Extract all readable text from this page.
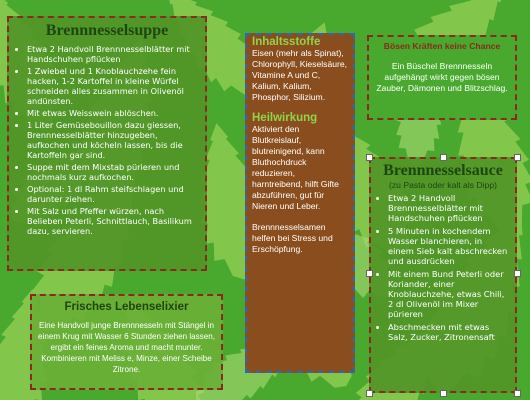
Brennnesselsuppe
• Etwa 2 Handvoll Brennnesselblätter mit Handschuhen pflücken
• 1 Zwiebel und 1 Knoblauchzehe fein hacken, 1-2 Kartoffel in kleine Würfel schneiden alles zusammen in Olivenöl andünsten.
• Mit etwas Weisswein ablöschen.
• 1 Liter Gemüsebouillon dazu giessen, Brennnesselblätter hinzugeben, aufkochen und köcheln lassen, bis die Kartoffeln gar sind.
• Suppe mit dem Mixstab pürieren und nochmals kurz aufkochen.
• Optional: 1 dl Rahm steifschlagen und darunter ziehen.
• Mit Salz und Pfeffer würzen, nach Belieben Peterli, Schnittlauch, Basilikum dazu, servieren.
Inhaltsstoffe

Eisen (mehr als Spinat), Chlorophyll, Kieselsäure, Vitamine A und C, Kalium, Kalium, Phosphor, Silizium.

Heilwirkung

Aktiviert den Blutkreislauf, blutreinigend, kann Bluthochdruck reduzieren, harntreibend, hilft Gifte abzuführen, gut für Nieren und Leber.

Brennnesselsamen helfen bei Stress und Erschöpfung.

Bösen Kräften keine Chance
Ein Büschel Brennnesseln aufgehängt wirkt gegen bösen Zauber, Dämonen und Blitzschlag.
Brennnesselsauce
(zu Pasta oder kalt als Dipp)
• Etwa 2 Handvoll Brennnesselblätter mit Handschuhen pflücken
• 5 Minuten in kochendem Wasser blanchieren, in einem Sieb kalt abschrecken und ausdrücken
• Mit einem Bund Peterli oder Koriander, einer Knoblauchzehe, etwas Chili, 2 dl Olivenöl im Mixer pürieren
• Abschmecken mit etwas Salz, Zucker, Zitronensaft
Frisches Lebenselixier
Eine Handvoll junge Brennnesseln mit Stängel in einem Krug mit Wasser 6 Stunden ziehen lassen, ergibt ein feines Aroma und macht munter. Kombinieren mit Meliss e, Minze, einer Scheibe Zitrone.
